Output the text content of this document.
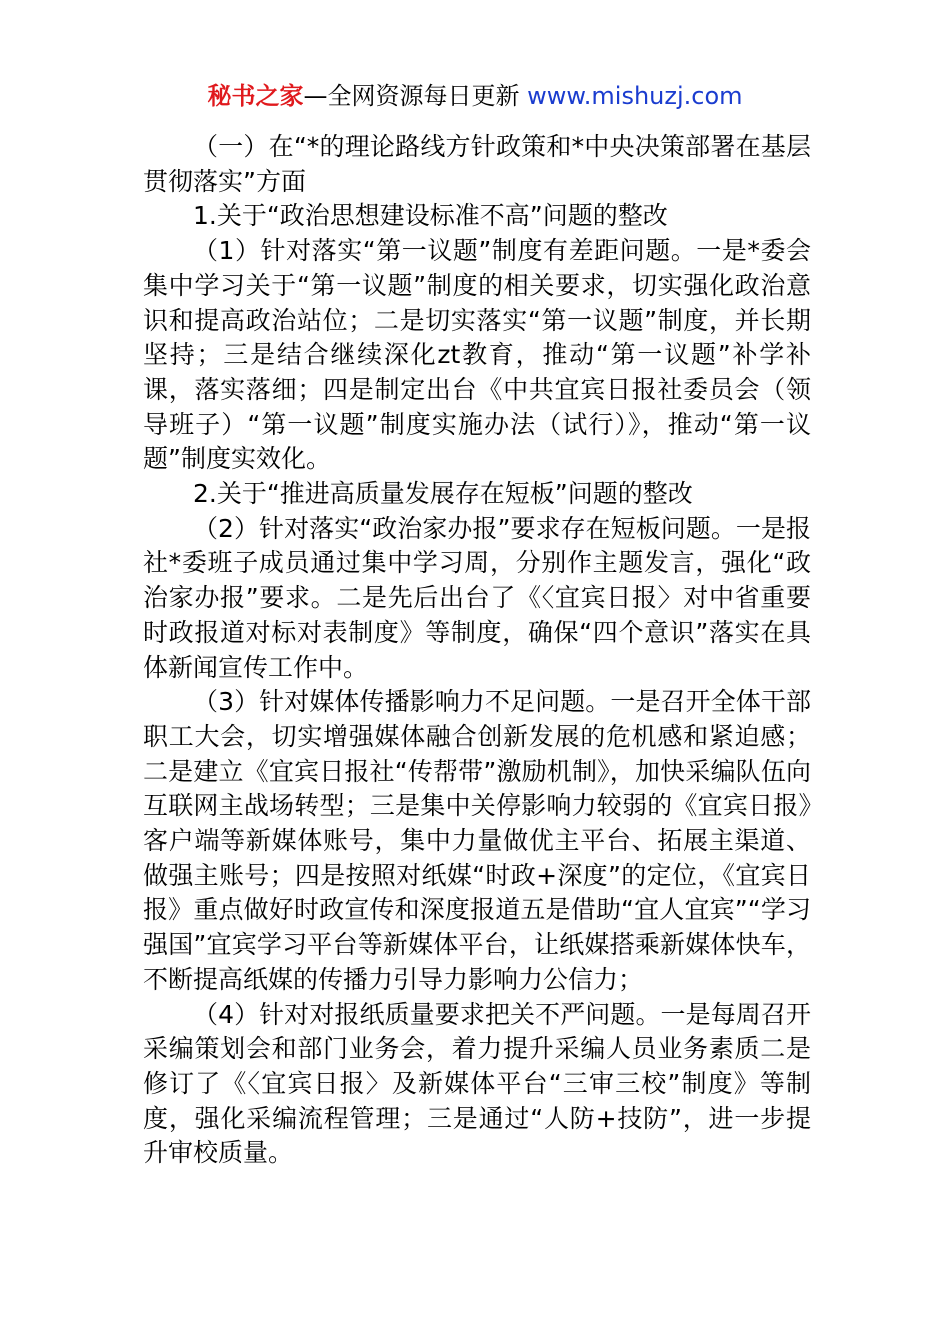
秘书之家—全网资源每日更新 www.mishuzj.com

（一）在“*的理论路线方针政策和*中央决策部署在基层贯彻落实”方面

1.关于“政治思想建设标准不高”问题的整改

（1）针对落实“第一议题”制度有差距问题。一是*委会集中学习关于“第一议题”制度的相关要求，切实强化政治意识和提高政治站位；二是切实落实“第一议题”制度，并长期坚持；三是结合继续深化zt教育，推动“第一议题”补学补课，落实落细；四是制定出台《中共宜宾日报社委员会（领导班子）“第一议题”制度实施办法（试行）》，推动“第一议题”制度实效化。

2.关于“推进高质量发展存在短板”问题的整改

（2）针对落实“政治家办报”要求存在短板问题。一是报社*委班子成员通过集中学习周，分别作主题发言，强化“政治家办报”要求。二是先后出台了《〈宜宾日报〉对中省重要时政报道对标对表制度》等制度，确保“四个意识”落实在具体新闻宣传工作中。

（3）针对媒体传播影响力不足问题。一是召开全体干部职工大会，切实增强媒体融合创新发展的危机感和紧迫感；二是建立《宜宾日报社“传帮带”激励机制》，加快采编队伍向互联网主战场转型；三是集中关停影响力较弱的《宜宾日报》客户端等新媒体账号，集中力量做优主平台、拓展主渠道、做强主账号；四是按照对纸媒“时政+深度”的定位，《宜宾日报》重点做好时政宣传和深度报道五是借助“宜人宜宾”“学习强国”宜宾学习平台等新媒体平台，让纸媒搭乘新媒体快车，不断提高纸媒的传播力引导力影响力公信力；

（4）针对对报纸质量要求把关不严问题。一是每周召开采编策划会和部门业务会，着力提升采编人员业务素质二是修订了《〈宜宾日报〉及新媒体平台“三审三校”制度》等制度，强化采编流程管理；三是通过“人防+技防”，进一步提升审校质量。
